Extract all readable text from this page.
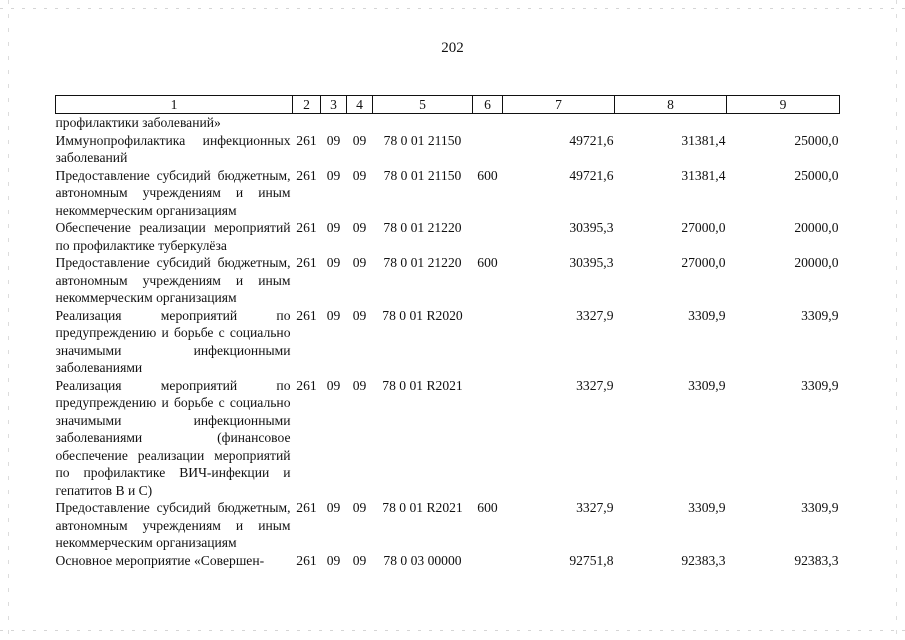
202
1	2	3	4	5	6	7	8	9
профилактики заболеваний»								
Иммунопрофилактика инфекционных заболеваний	261	09	09	78 0 01 21150		49721,6	31381,4	25000,0
Предоставление субсидий бюджетным, автономным учреждениям и иным некоммерческим организациям	261	09	09	78 0 01 21150	600	49721,6	31381,4	25000,0
Обеспечение реализации мероприятий по профилактике туберкулёза	261	09	09	78 0 01 21220		30395,3	27000,0	20000,0
Предоставление субсидий бюджетным, автономным учреждениям и иным некоммерческим организациям	261	09	09	78 0 01 21220	600	30395,3	27000,0	20000,0
Реализация мероприятий по предупреждению и борьбе с социально значимыми инфекционными заболеваниями	261	09	09	78 0 01 R2020		3327,9	3309,9	3309,9
Реализация мероприятий по предупреждению и борьбе с социально значимыми инфекционными заболеваниями (финансовое обеспечение реализации мероприятий по профилактике ВИЧ-инфекции и гепатитов В и С)	261	09	09	78 0 01 R2021		3327,9	3309,9	3309,9
Предоставление субсидий бюджетным, автономным учреждениям и иным некоммерческим организациям	261	09	09	78 0 01 R2021	600	3327,9	3309,9	3309,9
Основное мероприятие «Совершен-	261	09	09	78 0 03 00000		92751,8	92383,3	92383,3
